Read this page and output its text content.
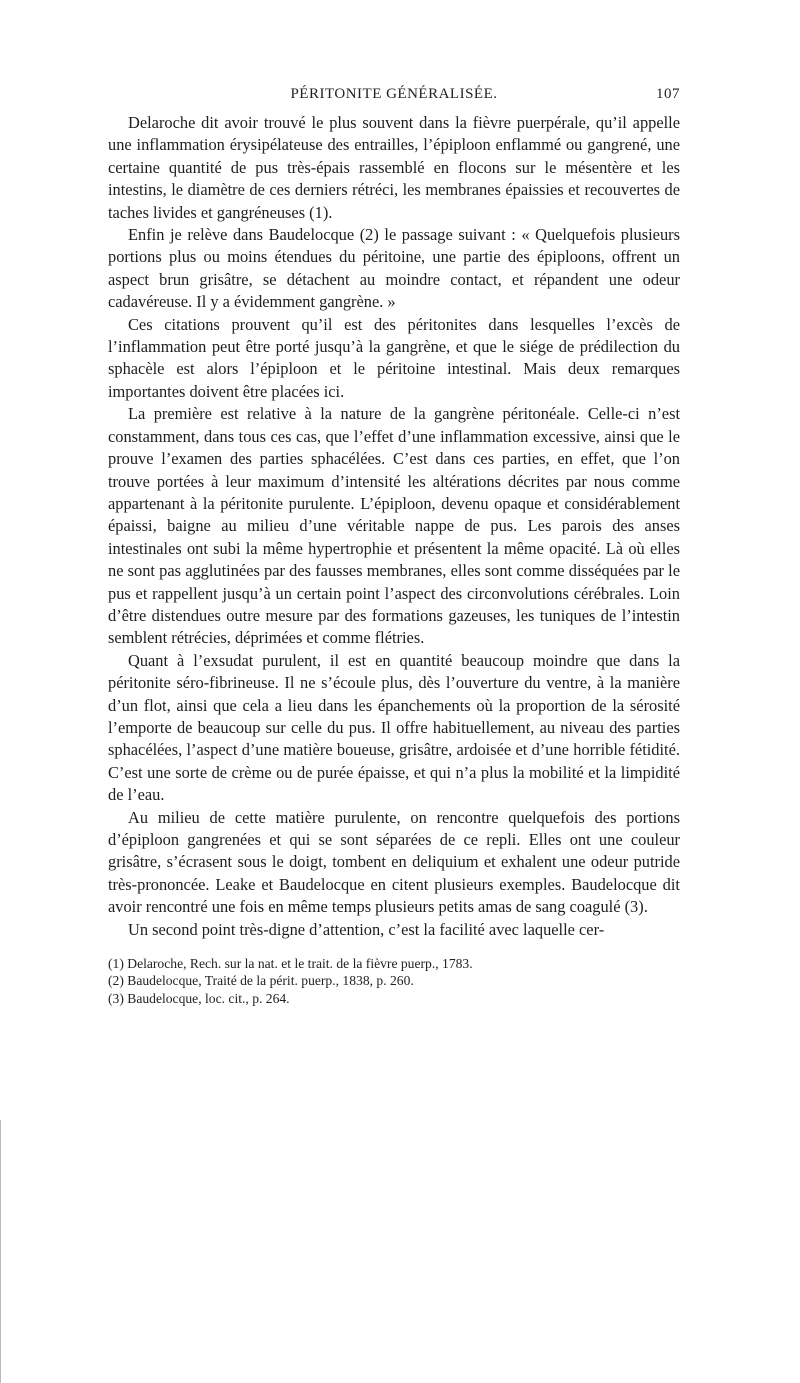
PÉRITONITE GÉNÉRALISÉE.	107

Delaroche dit avoir trouvé le plus souvent dans la fièvre puerpérale, qu’il appelle une inflammation érysipélateuse des entrailles, l’épiploon enflammé ou gangrené, une certaine quantité de pus très-épais rassemblé en flocons sur le mésentère et les intestins, le diamètre de ces derniers rétréci, les membranes épaissies et recouvertes de taches livides et gangréneuses (1).

Enfin je relève dans Baudelocque (2) le passage suivant : « Quelquefois plusieurs portions plus ou moins étendues du péritoine, une partie des épiploons, offrent un aspect brun grisâtre, se détachent au moindre contact, et répandent une odeur cadavéreuse. Il y a évidemment gangrène. »

Ces citations prouvent qu’il est des péritonites dans lesquelles l’excès de l’inflammation peut être porté jusqu’à la gangrène, et que le siége de prédilection du sphacèle est alors l’épiploon et le péritoine intestinal. Mais deux remarques importantes doivent être placées ici.

La première est relative à la nature de la gangrène péritonéale. Celle-ci n’est constamment, dans tous ces cas, que l’effet d’une inflammation excessive, ainsi que le prouve l’examen des parties sphacélées. C’est dans ces parties, en effet, que l’on trouve portées à leur maximum d’intensité les altérations décrites par nous comme appartenant à la péritonite purulente. L’épiploon, devenu opaque et considérablement épaissi, baigne au milieu d’une véritable nappe de pus. Les parois des anses intestinales ont subi la même hypertrophie et présentent la même opacité. Là où elles ne sont pas agglutinées par des fausses membranes, elles sont comme disséquées par le pus et rappellent jusqu’à un certain point l’aspect des circonvolutions cérébrales. Loin d’être distendues outre mesure par des formations gazeuses, les tuniques de l’intestin semblent rétrécies, déprimées et comme flétries.

Quant à l’exsudat purulent, il est en quantité beaucoup moindre que dans la péritonite séro-fibrineuse. Il ne s’écoule plus, dès l’ouverture du ventre, à la manière d’un flot, ainsi que cela a lieu dans les épanchements où la proportion de la sérosité l’emporte de beaucoup sur celle du pus. Il offre habituellement, au niveau des parties sphacélées, l’aspect d’une matière boueuse, grisâtre, ardoisée et d’une horrible fétidité. C’est une sorte de crème ou de purée épaisse, et qui n’a plus la mobilité et la limpidité de l’eau.

Au milieu de cette matière purulente, on rencontre quelquefois des portions d’épiploon gangrenées et qui se sont séparées de ce repli. Elles ont une couleur grisâtre, s’écrasent sous le doigt, tombent en deliquium et exhalent une odeur putride très-prononcée. Leake et Baudelocque en citent plusieurs exemples. Baudelocque dit avoir rencontré une fois en même temps plusieurs petits amas de sang coagulé (3).

Un second point très-digne d’attention, c’est la facilité avec laquelle cer-

(1) Delaroche, Rech. sur la nat. et le trait. de la fièvre puerp., 1783.
(2) Baudelocque, Traité de la périt. puerp., 1838, p. 260.
(3) Baudelocque, loc. cit., p. 264.
